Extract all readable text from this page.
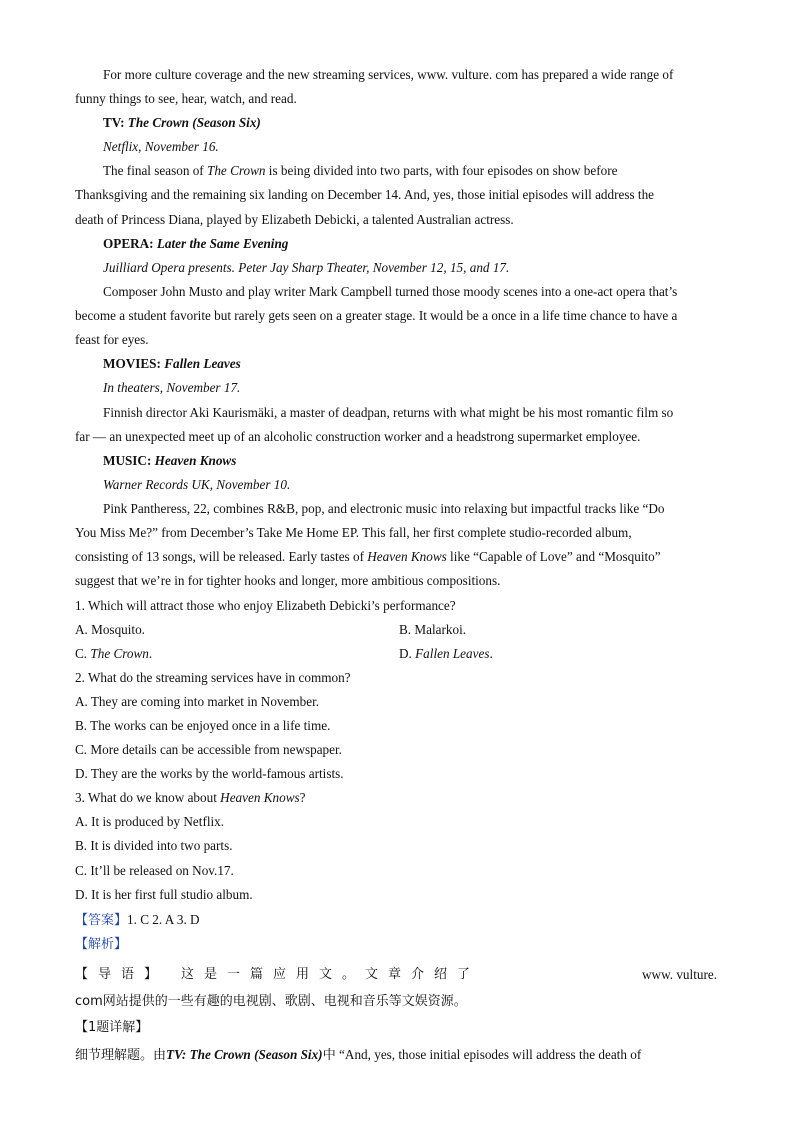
For more culture coverage and the new streaming services, www. vulture. com has prepared a wide range of
funny things to see, hear, watch, and read.
TV: The Crown (Season Six)
Netflix, November 16.
The final season of The Crown is being divided into two parts, with four episodes on show before
Thanksgiving and the remaining six landing on December 14. And, yes, those initial episodes will address the
death of Princess Diana, played by Elizabeth Debicki, a talented Australian actress.
OPERA: Later the Same Evening
Juilliard Opera presents. Peter Jay Sharp Theater, November 12, 15, and 17.
Composer John Musto and play writer Mark Campbell turned those moody scenes into a one-act opera that’s
become a student favorite but rarely gets seen on a greater stage. It would be a once in a life time chance to have a
feast for eyes.
MOVIES: Fallen Leaves
In theaters, November 17.
Finnish director Aki Kaurismäki, a master of deadpan, returns with what might be his most romantic film so
far — an unexpected meet up of an alcoholic construction worker and a headstrong supermarket employee.
MUSIC: Heaven Knows
Warner Records UK, November 10.
Pink Pantheress, 22, combines R&B, pop, and electronic music into relaxing but impactful tracks like “Do
You Miss Me?” from December’s Take Me Home EP. This fall, her first complete studio-recorded album,
consisting of 13 songs, will be released. Early tastes of Heaven Knows like “Capable of Love” and “Mosquito”
suggest that we’re in for tighter hooks and longer, more ambitious compositions.
1. Which will attract those who enjoy Elizabeth Debicki’s performance?
A. Mosquito.	B. Malarkoi.
C. The Crown.	D. Fallen Leaves.
2. What do the streaming services have in common?
A. They are coming into market in November.
B. The works can be enjoyed once in a life time.
C. More details can be accessible from newspaper.
D. They are the works by the world-famous artists.
3. What do we know about Heaven Knows?
A. It is produced by Netflix.
B. It is divided into two parts.
C. It’ll be released on Nov.17.
D. It is her first full studio album.
【答案】1. C 2. A 3. D
【解析】
【导语】 这是一篇应用文。文章介绍了	www. vulture.
com网站提供的一些有趣的电视剧、歌剧、电视和音乐等文娱资源。
【1题详解】
细节理解题。由TV: The Crown (Season Six)中 “And, yes, those initial episodes will address the death of
